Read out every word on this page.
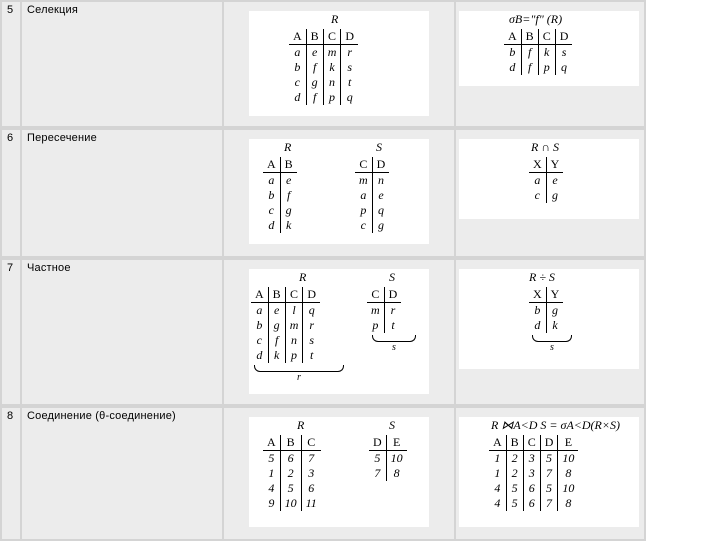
5	Селекция
R
A	B	C	D
a	e	m	r
b	f	k	s
c	g	n	t
d	f	p	q
σB="f" (R)
A	B	C	D
b	f	k	s
d	f	p	q
6	Пересечение
R
A	B
a	e
b	f
c	g
d	k
S
C	D
m	n
a	e
p	q
c	g
R ∩ S
X	Y
a	e
c	g
7	Частное
R
A	B	C	D
a	e	l	q
b	g	m	r
c	f	n	s
d	k	p	t
r
S
C	D
m	r
p	t
s
R ÷ S
X	Y
b	g
d	k
s
8	Соединение (θ-соединение)
R
A	B	C
5	6	7
1	2	3
4	5	6
9	10	11
S
D	E
5	10
7	8
R ⋈A<D S = σA<D(R×S)
A	B	C	D	E
1	2	3	5	10
1	2	3	7	8
4	5	6	5	10
4	5	6	7	8
